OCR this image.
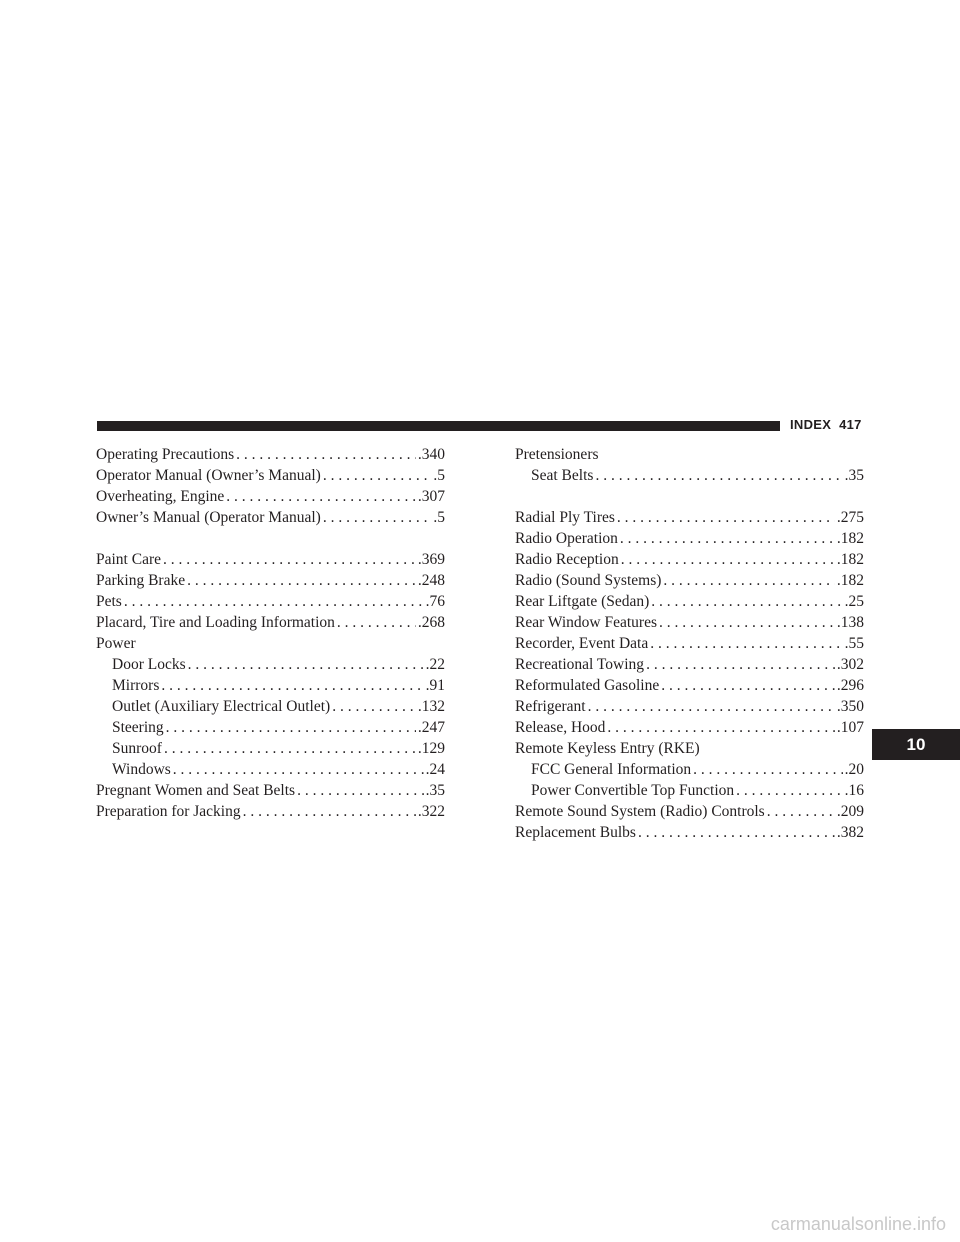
INDEX 417
Operating Precautions . . .	.340
Operator Manual (Owner’s Manual) . . .	.5
Overheating, Engine . . .	.307
Owner’s Manual (Operator Manual) . . .	.5
Paint Care . . .	.369
Parking Brake . . .	.248
Pets . . .	.76
Placard, Tire and Loading Information . . .	.268
Power
Door Locks . . .	.22
Mirrors . . .	.91
Outlet (Auxiliary Electrical Outlet) . . .	.132
Steering . . .	.247
Sunroof . . .	.129
Windows . . .	.24
Pregnant Women and Seat Belts . . .	.35
Preparation for Jacking . . .	.322
Pretensioners
Seat Belts . . .	.35
Radial Ply Tires . . .	.275
Radio Operation . . .	.182
Radio Reception . . .	.182
Radio (Sound Systems) . . .	.182
Rear Liftgate (Sedan) . . .	.25
Rear Window Features . . .	.138
Recorder, Event Data . . .	.55
Recreational Towing . . .	.302
Reformulated Gasoline . . .	.296
Refrigerant . . .	.350
Release, Hood . . .	.107
Remote Keyless Entry (RKE)
FCC General Information . . .	.20
Power Convertible Top Function . . .	.16
Remote Sound System (Radio) Controls . . .	.209
Replacement Bulbs . . .	.382
10
carmanualsonline.info
